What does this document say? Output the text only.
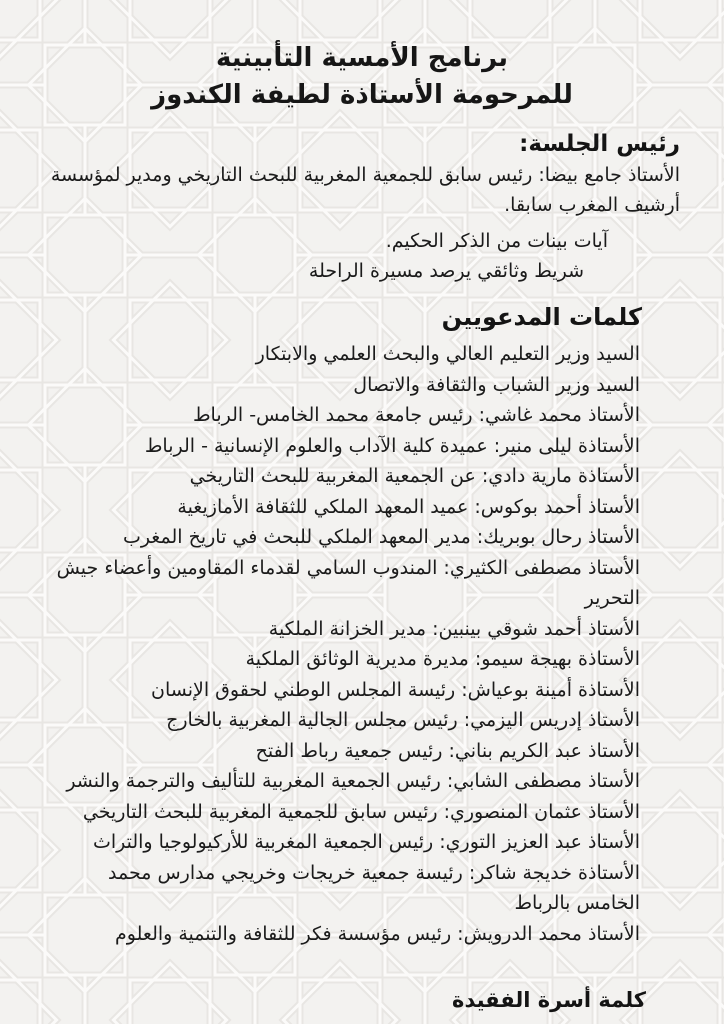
برنامج الأمسية التأبينية
للمرحومة الأستاذة لطيفة الكندوز
رئيس الجلسة:
الأستاذ جامع بيضا: رئيس سابق للجمعية المغربية للبحث التاريخي ومدير لمؤسسة أرشيف المغرب سابقا.
آيات بينات من الذكر الحكيم.
شريط وثائقي يرصد مسيرة الراحلة
كلمات المدعويين
السيد وزير التعليم العالي والبحث العلمي والابتكار
السيد وزير الشباب والثقافة والاتصال
الأستاذ محمد غاشي: رئيس جامعة محمد الخامس- الرباط
الأستاذة ليلى منير: عميدة كلية الآداب والعلوم الإنسانية - الرباط
الأستاذة مارية دادي: عن الجمعية المغربية للبحث التاريخي
الأستاذ أحمد بوكوس: عميد المعهد الملكي للثقافة الأمازيغية
الأستاذ رحال بوبريك: مدير المعهد الملكي للبحث في تاريخ المغرب
الأستاذ مصطفى الكثيري: المندوب السامي لقدماء المقاومين وأعضاء جيش التحرير
الأستاذ أحمد شوقي بينبين: مدير الخزانة الملكية
الأستاذة بهيجة سيمو: مديرة مديرية الوثائق الملكية
الأستاذة أمينة بوعياش: رئيسة المجلس الوطني لحقوق الإنسان
الأستاذ إدريس اليزمي: رئيس مجلس الجالية المغربية بالخارج
الأستاذ عبد الكريم بناني: رئيس جمعية رباط الفتح
الأستاذ مصطفى الشابي: رئيس الجمعية المغربية للتأليف والترجمة والنشر
الأستاذ عثمان المنصوري: رئيس سابق للجمعية المغربية للبحث التاريخي
الأستاذ عبد العزيز التوري: رئيس الجمعية المغربية للأركيولوجيا والتراث
الأستاذة خديجة شاكر: رئيسة جمعية خريجات وخريجي مدارس محمد الخامس بالرباط
الأستاذ محمد الدرويش: رئيس مؤسسة فكر للثقافة والتنمية والعلوم
كلمة أسرة الفقيدة
